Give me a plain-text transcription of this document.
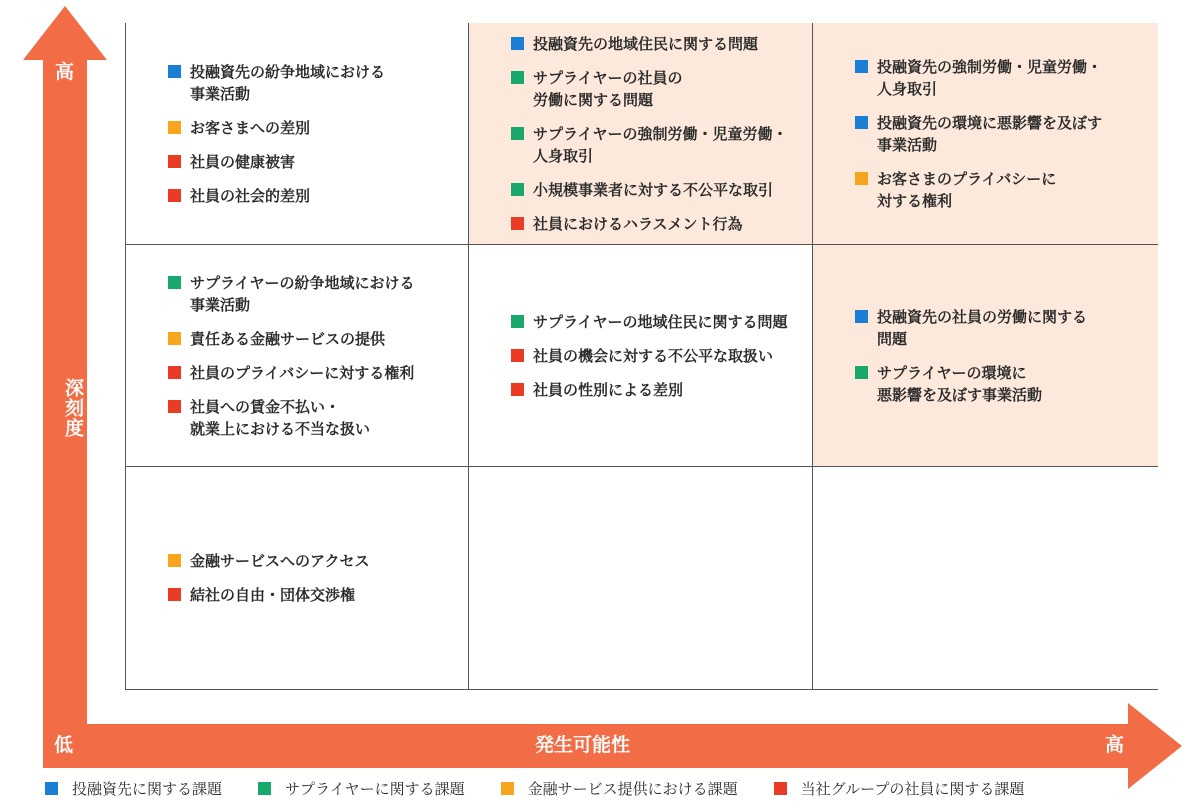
高
深刻度
低	発生可能性	高
投融資先の紛争地域における
事業活動
お客さまへの差別
社員の健康被害
社員の社会的差別
投融資先の地域住民に関する問題
サプライヤーの社員の
労働に関する問題
サプライヤーの強制労働・児童労働・
人身取引
小規模事業者に対する不公平な取引
社員におけるハラスメント行為
投融資先の強制労働・児童労働・
人身取引
投融資先の環境に悪影響を及ぼす
事業活動
お客さまのプライバシーに
対する権利
サプライヤーの紛争地域における
事業活動
責任ある金融サービスの提供
社員のプライバシーに対する権利
社員への賃金不払い・
就業上における不当な扱い
サプライヤーの地域住民に関する問題
社員の機会に対する不公平な取扱い
社員の性別による差別
投融資先の社員の労働に関する
問題
サプライヤーの環境に
悪影響を及ぼす事業活動
金融サービスへのアクセス
結社の自由・団体交渉権
投融資先に関する課題	サプライヤーに関する課題	金融サービス提供における課題	当社グループの社員に関する課題
